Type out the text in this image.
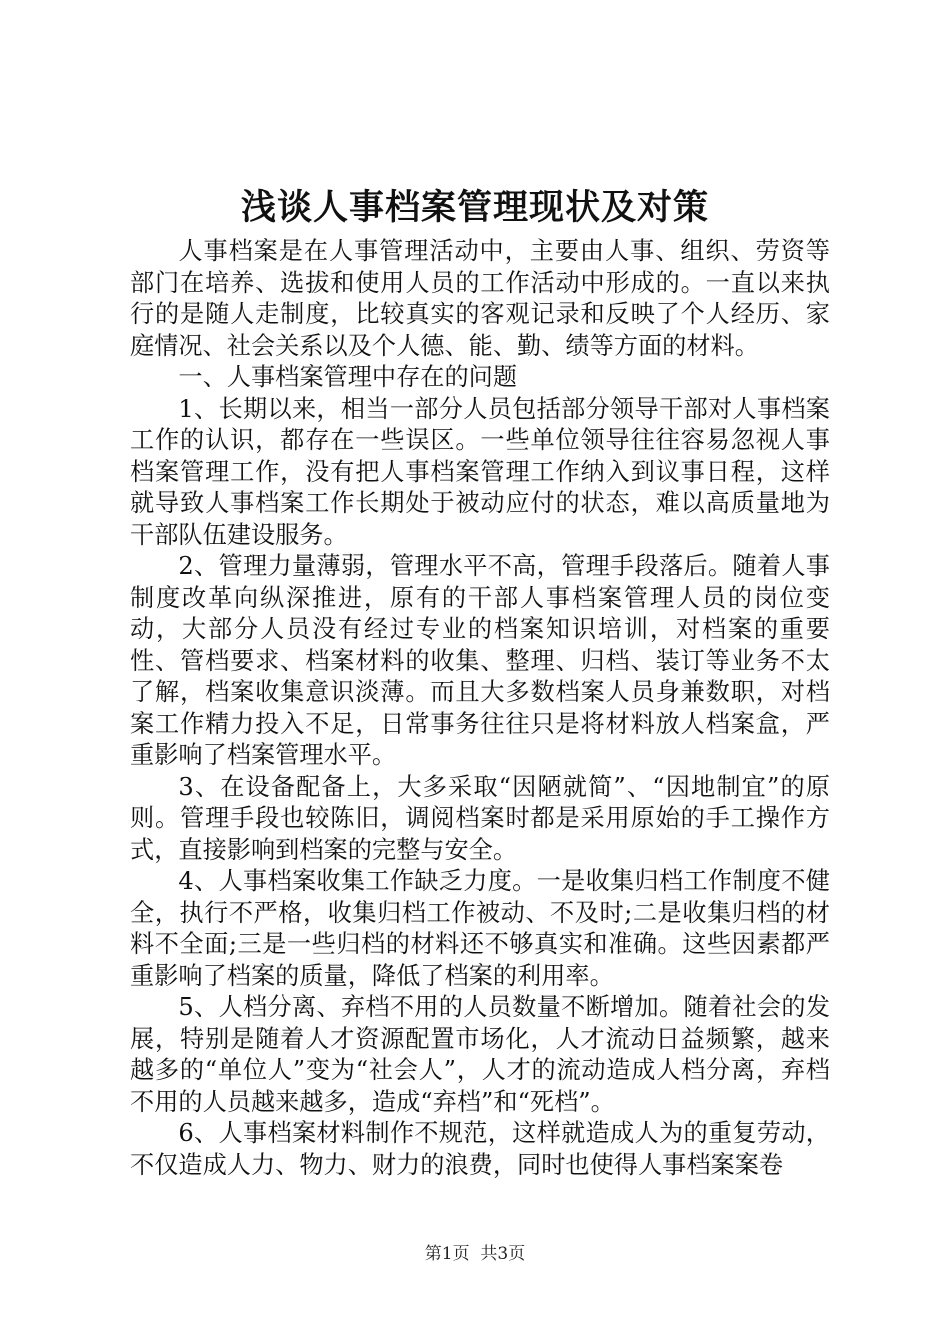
浅谈人事档案管理现状及对策

人事档案是在人事管理活动中，主要由人事、组织、劳资等部门在培养、选拔和使用人员的工作活动中形成的。一直以来执行的是随人走制度，比较真实的客观记录和反映了个人经历、家庭情况、社会关系以及个人德、能、勤、绩等方面的材料。

一、人事档案管理中存在的问题

1、长期以来，相当一部分人员包括部分领导干部对人事档案工作的认识，都存在一些误区。一些单位领导往往容易忽视人事档案管理工作，没有把人事档案管理工作纳入到议事日程，这样就导致人事档案工作长期处于被动应付的状态，难以高质量地为干部队伍建设服务。

2、管理力量薄弱，管理水平不高，管理手段落后。随着人事制度改革向纵深推进，原有的干部人事档案管理人员的岗位变动，大部分人员没有经过专业的档案知识培训，对档案的重要性、管档要求、档案材料的收集、整理、归档、装订等业务不太了解，档案收集意识淡薄。而且大多数档案人员身兼数职，对档案工作精力投入不足，日常事务往往只是将材料放人档案盒，严重影响了档案管理水平。

3、在设备配备上，大多采取“因陋就简”、“因地制宜”的原则。管理手段也较陈旧，调阅档案时都是采用原始的手工操作方式，直接影响到档案的完整与安全。

4、人事档案收集工作缺乏力度。一是收集归档工作制度不健全，执行不严格，收集归档工作被动、不及时;二是收集归档的材料不全面;三是一些归档的材料还不够真实和准确。这些因素都严重影响了档案的质量，降低了档案的利用率。

5、人档分离、弃档不用的人员数量不断增加。随着社会的发展，特别是随着人才资源配置市场化，人才流动日益频繁，越来越多的“单位人”变为“社会人”，人才的流动造成人档分离，弃档不用的人员越来越多，造成“弃档”和“死档”。

6、人事档案材料制作不规范，这样就造成人为的重复劳动，不仅造成人力、物力、财力的浪费，同时也使得人事档案案卷

第1页  共3页
